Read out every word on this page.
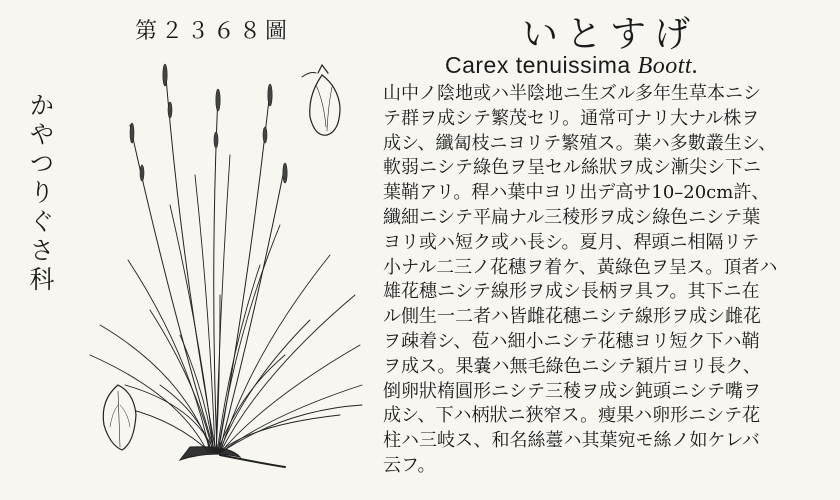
第２３６８圖
かやつりぐさ科
いとすげ
Carex tenuissima Boott.
山中ノ陰地或ハ半陰地ニ生ズル多年生草本ニシ
テ群ヲ成シテ繁茂セリ。通常可ナリ大ナル株ヲ
成シ、纖匐枝ニヨリテ繁殖ス。葉ハ多數叢生シ、
軟弱ニシテ綠色ヲ呈セル絲狀ヲ成シ漸尖シ下ニ
葉鞘アリ。稈ハ葉中ヨリ出デ高サ10–20cm許、
纖細ニシテ平扁ナル三稜形ヲ成シ綠色ニシテ葉
ヨリ或ハ短ク或ハ長シ。夏月、稈頭ニ相隔リテ
小ナル二三ノ花穗ヲ着ケ、黃綠色ヲ呈ス。頂者ハ
雄花穗ニシテ線形ヲ成シ長柄ヲ具フ。其下ニ在
ル側生一二者ハ皆雌花穗ニシテ線形ヲ成シ雌花
ヲ疎着シ、苞ハ細小ニシテ花穗ヨリ短ク下ハ鞘
ヲ成ス。果嚢ハ無毛綠色ニシテ穎片ヨリ長ク、
倒卵狀楕圓形ニシテ三稜ヲ成シ鈍頭ニシテ嘴ヲ
成シ、下ハ柄狀ニ狹窄ス。瘦果ハ卵形ニシテ花
柱ハ三岐ス、和名絲薹ハ其葉宛モ絲ノ如ケレバ
云フ。
